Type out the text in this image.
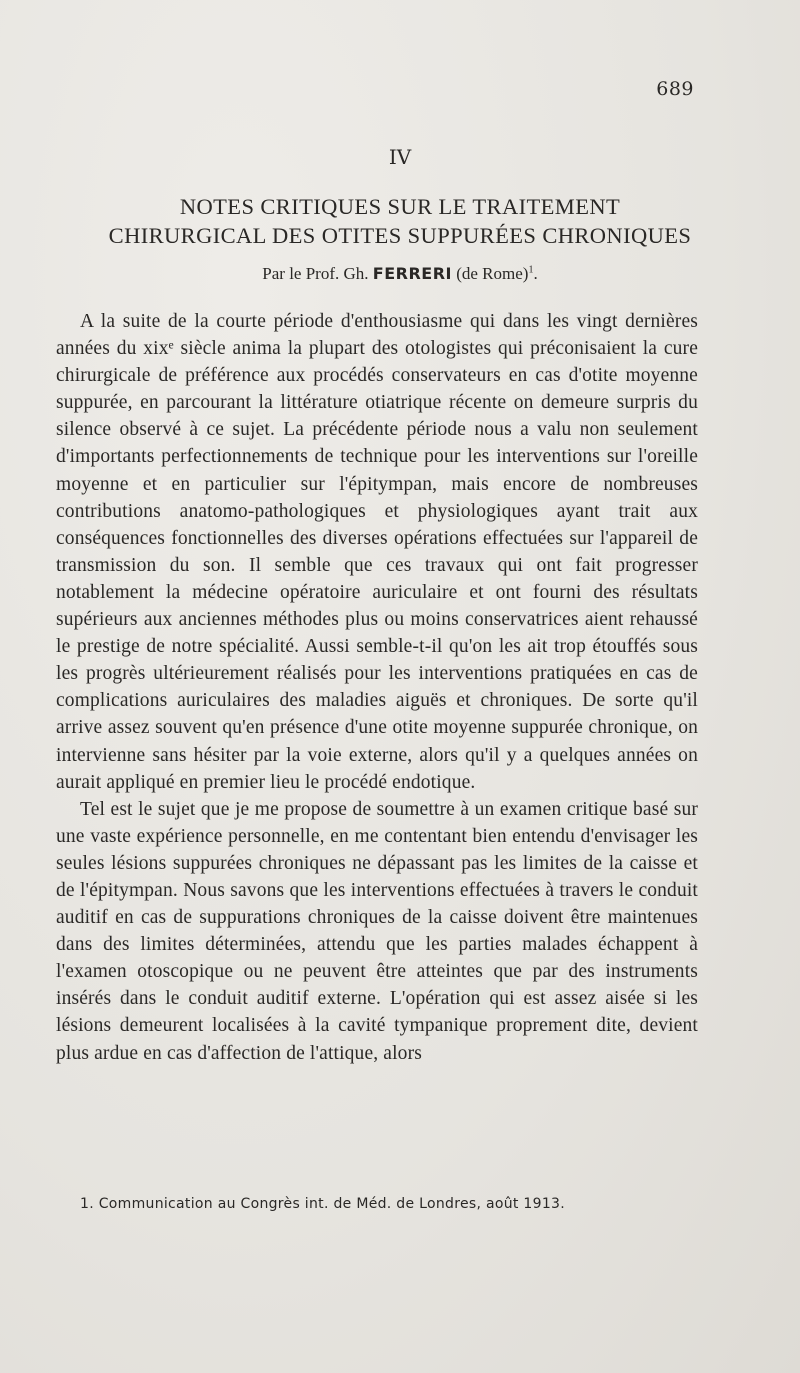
689
IV
NOTES CRITIQUES SUR LE TRAITEMENT
CHIRURGICAL DES OTITES SUPPURÉES CHRONIQUES
Par le Prof. Gh. FERRERI (de Rome)$^1$.

A la suite de la courte période d'enthousiasme qui dans les vingt dernières années du xixᵉ siècle anima la plupart des otologistes qui préconisaient la cure chirurgicale de préférence aux procédés conservateurs en cas d'otite moyenne suppurée, en parcourant la littérature otiatrique récente on demeure surpris du silence observé à ce sujet. La précédente période nous a valu non seulement d'importants perfectionnements de technique pour les interventions sur l'oreille moyenne et en particulier sur l'épitympan, mais encore de nombreuses contributions anatomo-pathologiques et physiologiques ayant trait aux conséquences fonctionnelles des diverses opérations effectuées sur l'appareil de transmission du son. Il semble que ces travaux qui ont fait progresser notablement la médecine opératoire auriculaire et ont fourni des résultats supérieurs aux anciennes méthodes plus ou moins conservatrices aient rehaussé le prestige de notre spécialité. Aussi semble-t-il qu'on les ait trop étouffés sous les progrès ultérieurement réalisés pour les interventions pratiquées en cas de complications auriculaires des maladies aiguës et chroniques. De sorte qu'il arrive assez souvent qu'en présence d'une otite moyenne suppurée chronique, on intervienne sans hésiter par la voie externe, alors qu'il y a quelques années on aurait appliqué en premier lieu le procédé endotique.

Tel est le sujet que je me propose de soumettre à un examen critique basé sur une vaste expérience personnelle, en me contentant bien entendu d'envisager les seules lésions suppurées chroniques ne dépassant pas les limites de la caisse et de l'épitympan. Nous savons que les interventions effectuées à travers le conduit auditif en cas de suppurations chroniques de la caisse doivent être maintenues dans des limites déterminées, attendu que les parties malades échappent à l'examen otoscopique ou ne peuvent être atteintes que par des instruments insérés dans le conduit auditif externe. L'opération qui est assez aisée si les lésions demeurent localisées à la cavité tympanique proprement dite, devient plus ardue en cas d'affection de l'attique, alors

1. Communication au Congrès int. de Méd. de Londres, août 1913.
